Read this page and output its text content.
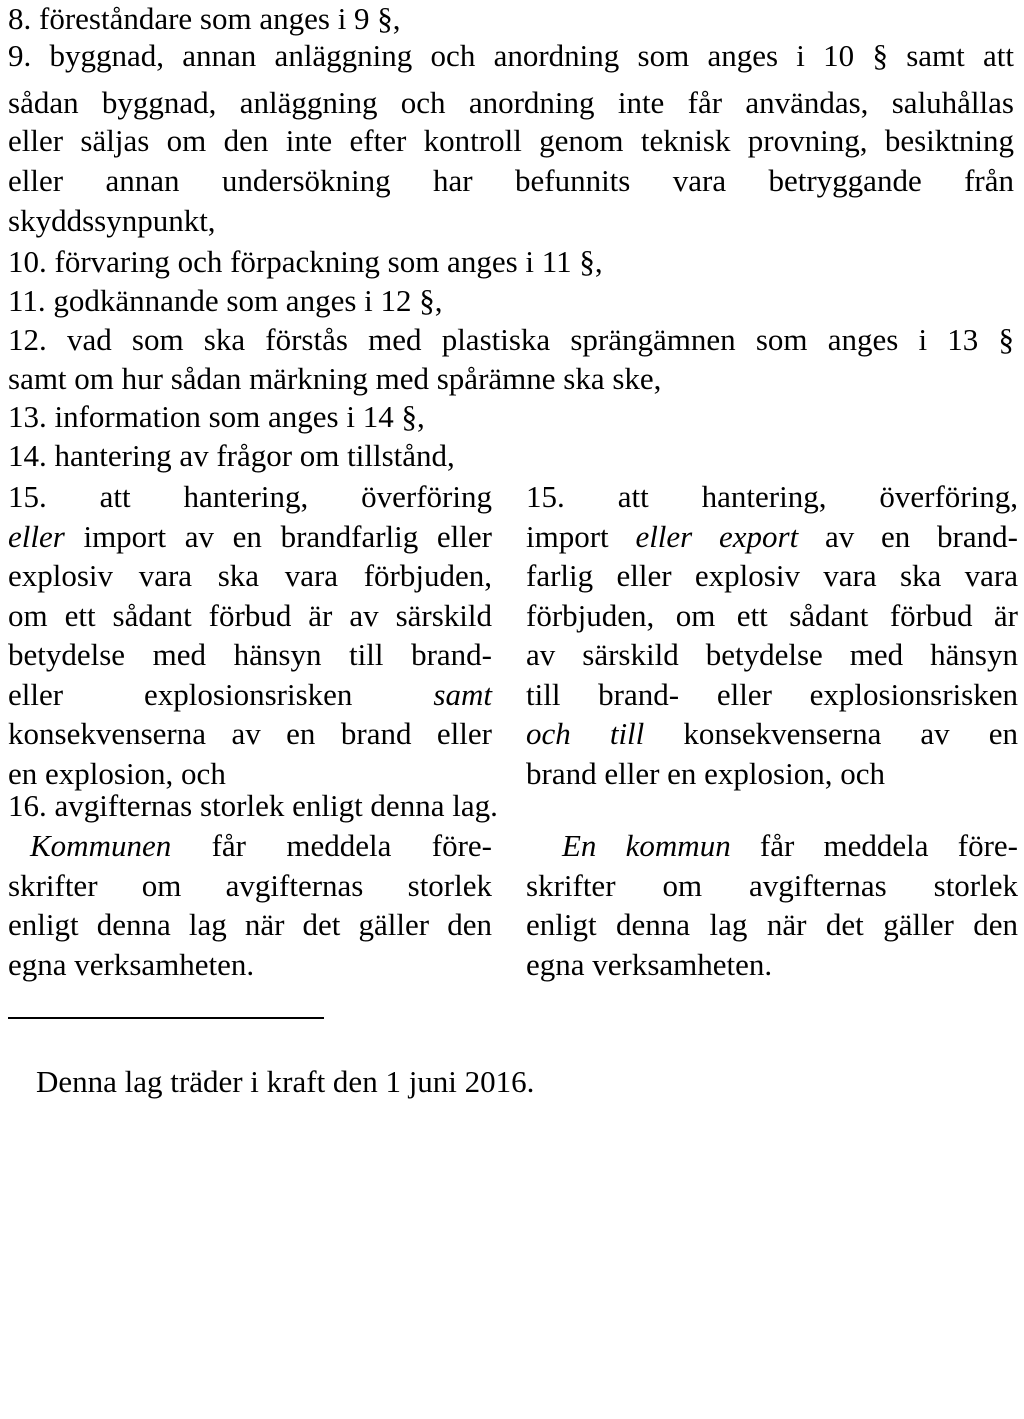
8. föreståndare som anges i 9 §,
9. byggnad, annan anläggning och anordning som anges i 10 § samt att
sådan byggnad, anläggning och anordning inte får användas, saluhållas
eller säljas om den inte efter kontroll genom teknisk provning, besiktning
eller annan undersökning har befunnits vara betryggande från
skyddssynpunkt,
10. förvaring och förpackning som anges i 11 §,
11. godkännande som anges i 12 §,
12. vad som ska förstås med plastiska sprängämnen som anges i 13 §
samt om hur sådan märkning med spårämne ska ske,
13. information som anges i 14 §,
14. hantering av frågor om tillstånd,
15. att hantering, överföring
eller import av en brandfarlig eller
explosiv vara ska vara förbjuden,
om ett sådant förbud är av särskild
betydelse med hänsyn till brand-
eller explosionsrisken samt
konsekvenserna av en brand eller
en explosion, och
15. att hantering, överföring,
import eller export av en brand-
farlig eller explosiv vara ska vara
förbjuden, om ett sådant förbud är
av särskild betydelse med hänsyn
till brand- eller explosionsrisken
och till konsekvenserna av en
brand eller en explosion, och
16. avgifternas storlek enligt denna lag.
Kommunen får meddela före-
skrifter om avgifternas storlek
enligt denna lag när det gäller den
egna verksamheten.
En kommun får meddela före-
skrifter om avgifternas storlek
enligt denna lag när det gäller den
egna verksamheten.
Denna lag träder i kraft den 1 juni 2016.
